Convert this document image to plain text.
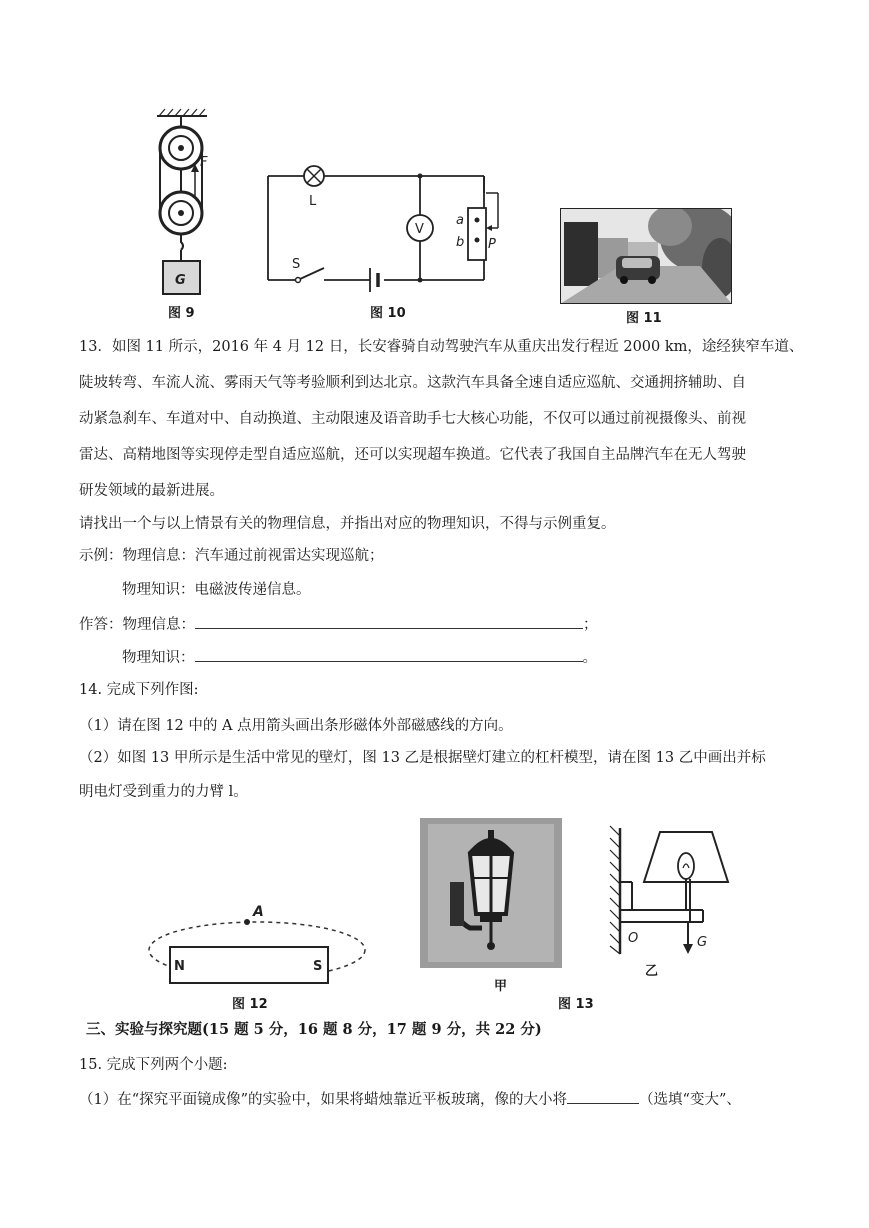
G
F
图 9
L
S
V
a
b P
图 10	图 11
13．如图 11 所示，2016 年 4 月 12 日，长安睿骑自动驾驶汽车从重庆出发行程近 2000 km，途经狭窄车道、
陡坡转弯、车流人流、雾雨天气等考验顺利到达北京。这款汽车具备全速自适应巡航、交通拥挤辅助、自
动紧急刹车、车道对中、自动换道、主动限速及语音助手七大核心功能，不仅可以通过前视摄像头、前视
雷达、高精地图等实现停走型自适应巡航，还可以实现超车换道。它代表了我国自主品牌汽车在无人驾驶
研发领域的最新进展。
请找出一个与以上情景有关的物理信息，并指出对应的物理知识，不得与示例重复。
示例：物理信息：汽车通过前视雷达实现巡航；
物理知识：电磁波传递信息。
作答：物理信息：	；
物理知识：	。
14. 完成下列作图:
（1）请在图 12 中的 A 点用箭头画出条形磁体外部磁感线的方向。
（2）如图 13 甲所示是生活中常见的壁灯，图 13 乙是根据壁灯建立的杠杆模型，请在图 13 乙中画出并标
明电灯受到重力的力臂 l。
A
N	S
图 12
甲
G
O
乙
图 13
三、实验与探究题(15 题 5 分，16 题 8 分，17 题 9 分，共 22 分)
15. 完成下列两个小题:
（1）在“探究平面镜成像”的实验中，如果将蜡烛靠近平板玻璃，像的大小将	（选填“变大”、
